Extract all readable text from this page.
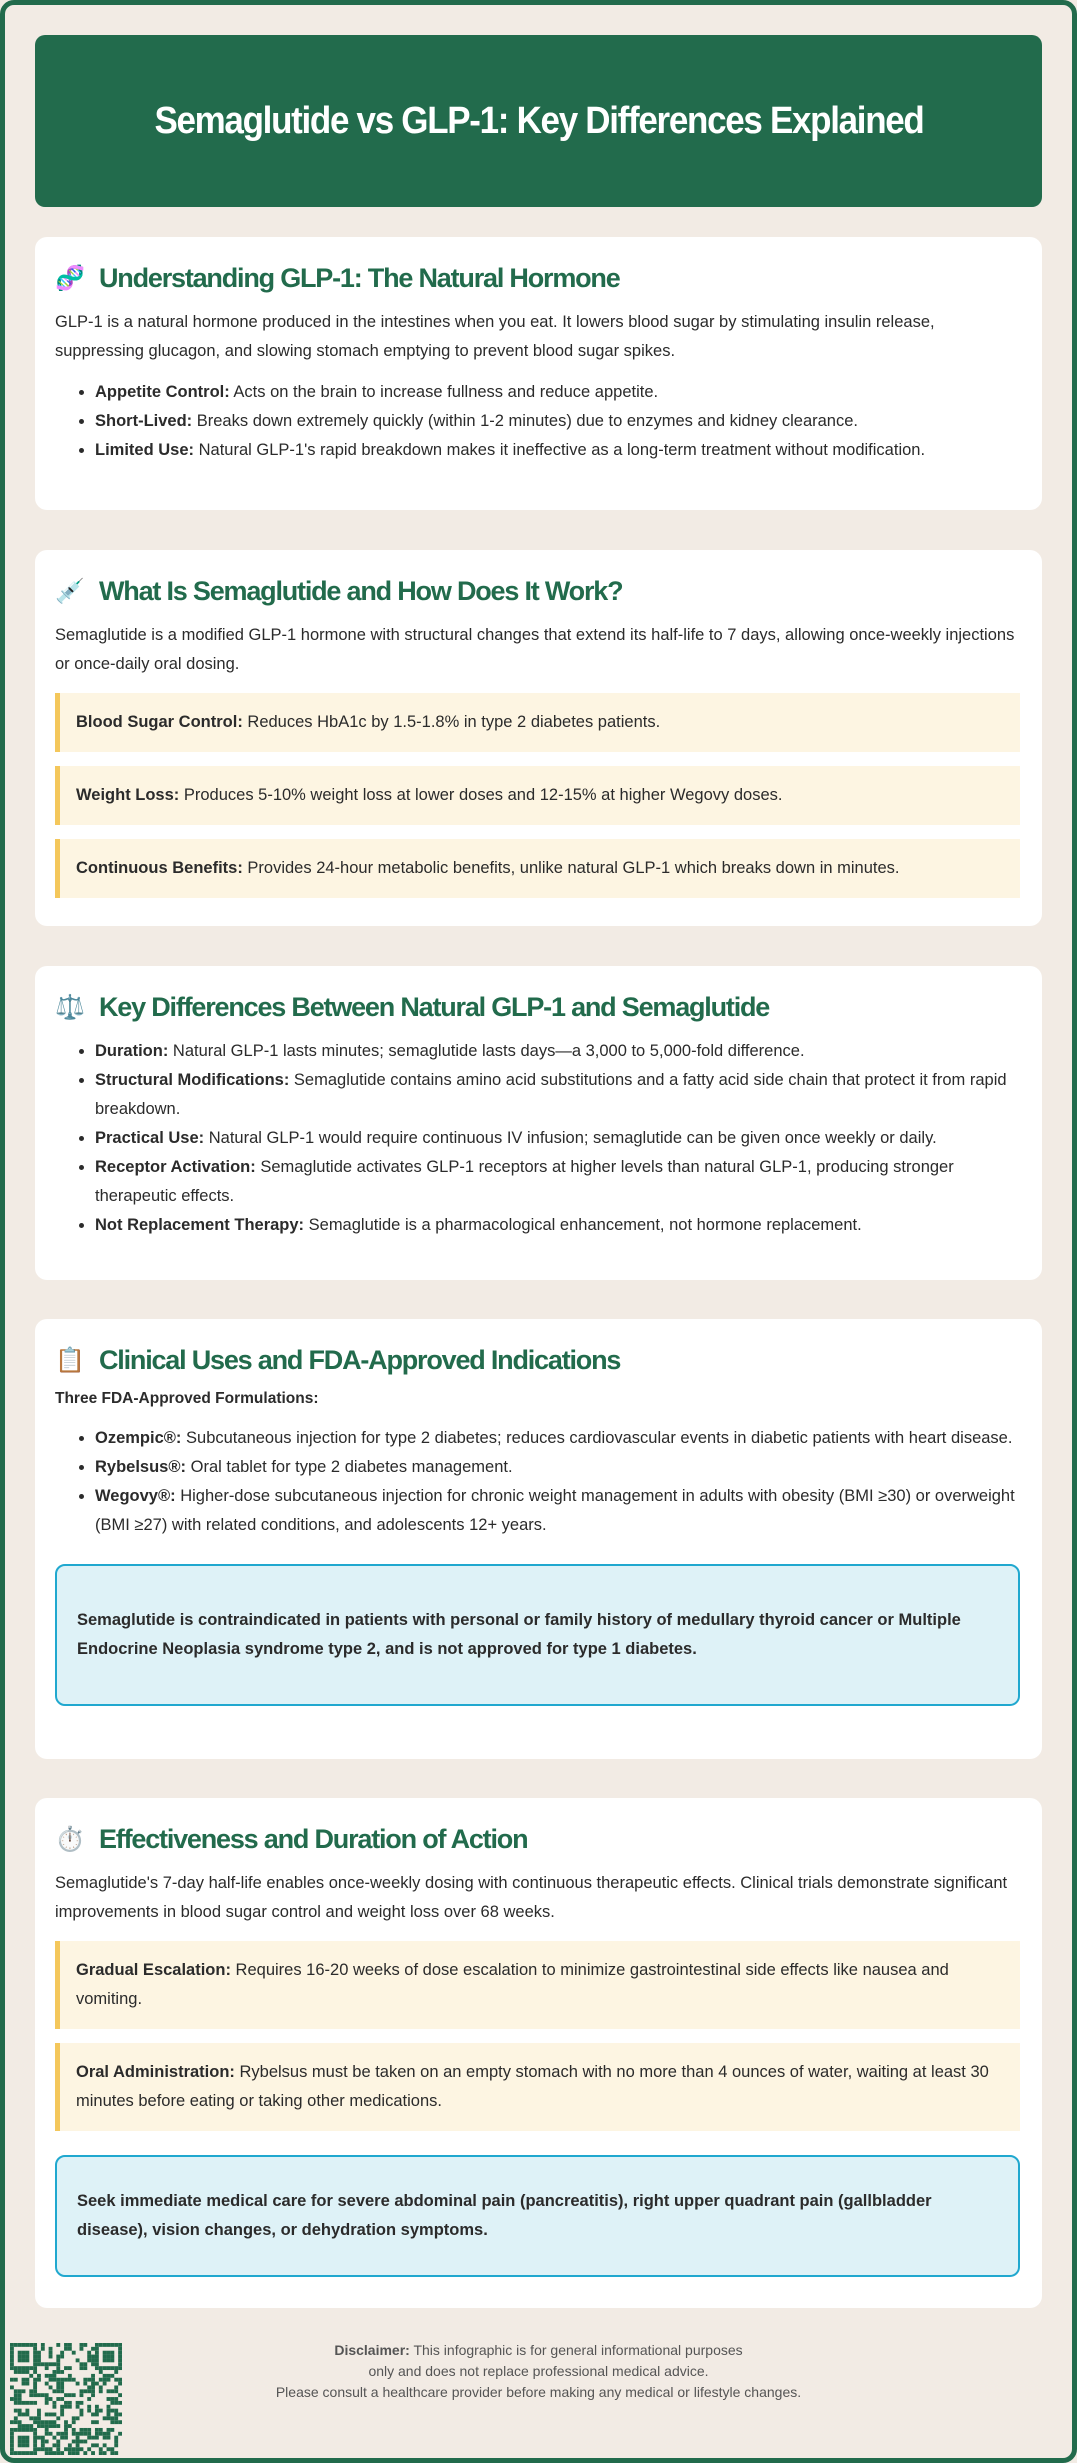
Semaglutide vs GLP-1: Key Differences Explained
🧬 Understanding GLP-1: The Natural Hormone

GLP-1 is a natural hormone produced in the intestines when you eat. It lowers blood sugar by stimulating insulin release, suppressing glucagon, and slowing stomach emptying to prevent blood sugar spikes.

• Appetite Control: Acts on the brain to increase fullness and reduce appetite.
• Short-Lived: Breaks down extremely quickly (within 1-2 minutes) due to enzymes and kidney clearance.
• Limited Use: Natural GLP-1's rapid breakdown makes it ineffective as a long-term treatment without modification.
💉 What Is Semaglutide and How Does It Work?

Semaglutide is a modified GLP-1 hormone with structural changes that extend its half-life to 7 days, allowing once-weekly injections or once-daily oral dosing.

Blood Sugar Control: Reduces HbA1c by 1.5-1.8% in type 2 diabetes patients.
Weight Loss: Produces 5-10% weight loss at lower doses and 12-15% at higher Wegovy doses.
Continuous Benefits: Provides 24-hour metabolic benefits, unlike natural GLP-1 which breaks down in minutes.
⚖️ Key Differences Between Natural GLP-1 and Semaglutide
• Duration: Natural GLP-1 lasts minutes; semaglutide lasts days—a 3,000 to 5,000-fold difference.
• Structural Modifications: Semaglutide contains amino acid substitutions and a fatty acid side chain that protect it from rapid breakdown.
• Practical Use: Natural GLP-1 would require continuous IV infusion; semaglutide can be given once weekly or daily.
• Receptor Activation: Semaglutide activates GLP-1 receptors at higher levels than natural GLP-1, producing stronger therapeutic effects.
• Not Replacement Therapy: Semaglutide is a pharmacological enhancement, not hormone replacement.
📋 Clinical Uses and FDA-Approved Indications
Three FDA-Approved Formulations:
• Ozempic®: Subcutaneous injection for type 2 diabetes; reduces cardiovascular events in diabetic patients with heart disease.
• Rybelsus®: Oral tablet for type 2 diabetes management.
• Wegovy®: Higher-dose subcutaneous injection for chronic weight management in adults with obesity (BMI ≥30) or overweight (BMI ≥27) with related conditions, and adolescents 12+ years.
Semaglutide is contraindicated in patients with personal or family history of medullary thyroid cancer or Multiple Endocrine Neoplasia syndrome type 2, and is not approved for type 1 diabetes.
⏱️ Effectiveness and Duration of Action

Semaglutide's 7-day half-life enables once-weekly dosing with continuous therapeutic effects. Clinical trials demonstrate significant improvements in blood sugar control and weight loss over 68 weeks.

Gradual Escalation: Requires 16-20 weeks of dose escalation to minimize gastrointestinal side effects like nausea and vomiting.
Oral Administration: Rybelsus must be taken on an empty stomach with no more than 4 ounces of water, waiting at least 30 minutes before eating or taking other medications.
Seek immediate medical care for severe abdominal pain (pancreatitis), right upper quadrant pain (gallbladder disease), vision changes, or dehydration symptoms.
Disclaimer: This infographic is for general informational purposes
only and does not replace professional medical advice.
Please consult a healthcare provider before making any medical or lifestyle changes.
